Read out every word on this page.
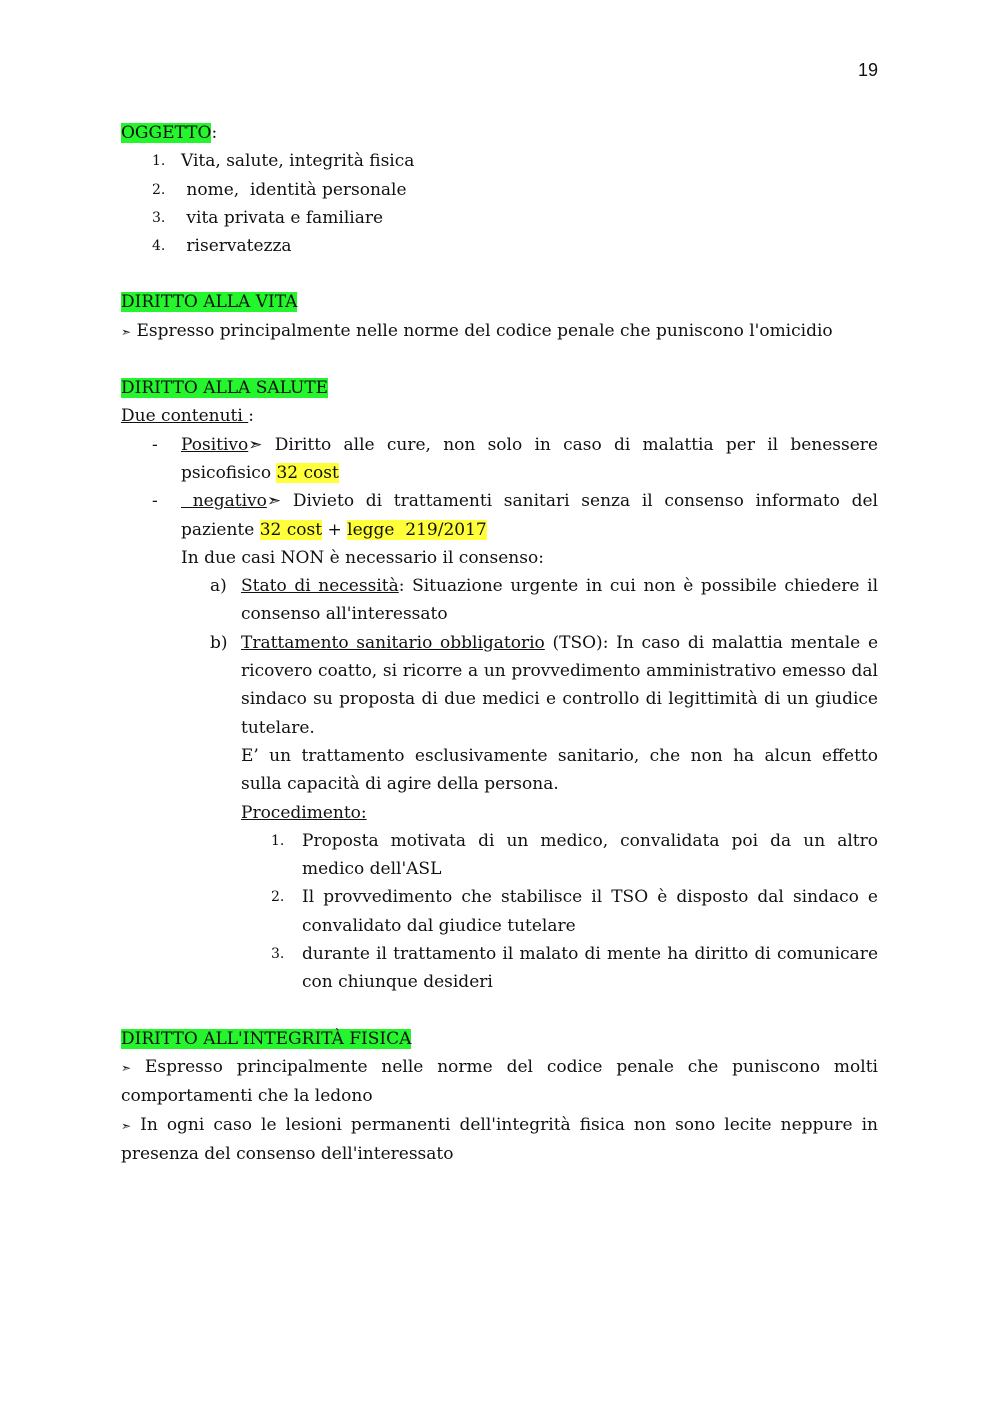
19

OGGETTO:

1. Vita, salute, integrità fisica
2. nome,  identità personale
3. vita privata e familiare
4. riservatezza

DIRITTO ALLA VITA

➣ Espresso principalmente nelle norme del codice penale che puniscono l'omicidio

DIRITTO ALLA SALUTE

Due contenuti :

-	Positivo➣ Diritto alle cure, non solo in caso di malattia per il benessere psicofisico 32 cost
-	negativo➣ Divieto di trattamenti sanitari senza il consenso informato del paziente 32 cost + legge  219/2017

In due casi NON è necessario il consenso:

a) Stato di necessità: Situazione urgente in cui non è possibile chiedere il consenso all'interessato
b) Trattamento sanitario obbligatorio (TSO): In caso di malattia mentale e ricovero coatto, si ricorre a un provvedimento amministrativo emesso dal sindaco su proposta di due medici e controllo di legittimità di un giudice tutelare.

E’ un trattamento esclusivamente sanitario, che non ha alcun effetto sulla capacità di agire della persona.

Procedimento:

1.	Proposta motivata di un medico, convalidata poi da un altro medico dell'ASL
2.	Il provvedimento che stabilisce il TSO è disposto dal sindaco e convalidato dal giudice tutelare
3.	durante il trattamento il malato di mente ha diritto di comunicare con chiunque desideri

DIRITTO ALL'INTEGRITÀ FISICA

➣ Espresso principalmente nelle norme del codice penale che puniscono molti comportamenti che la ledono

➣ In ogni caso le lesioni permanenti dell'integrità fisica non sono lecite neppure in presenza del consenso dell'interessato
